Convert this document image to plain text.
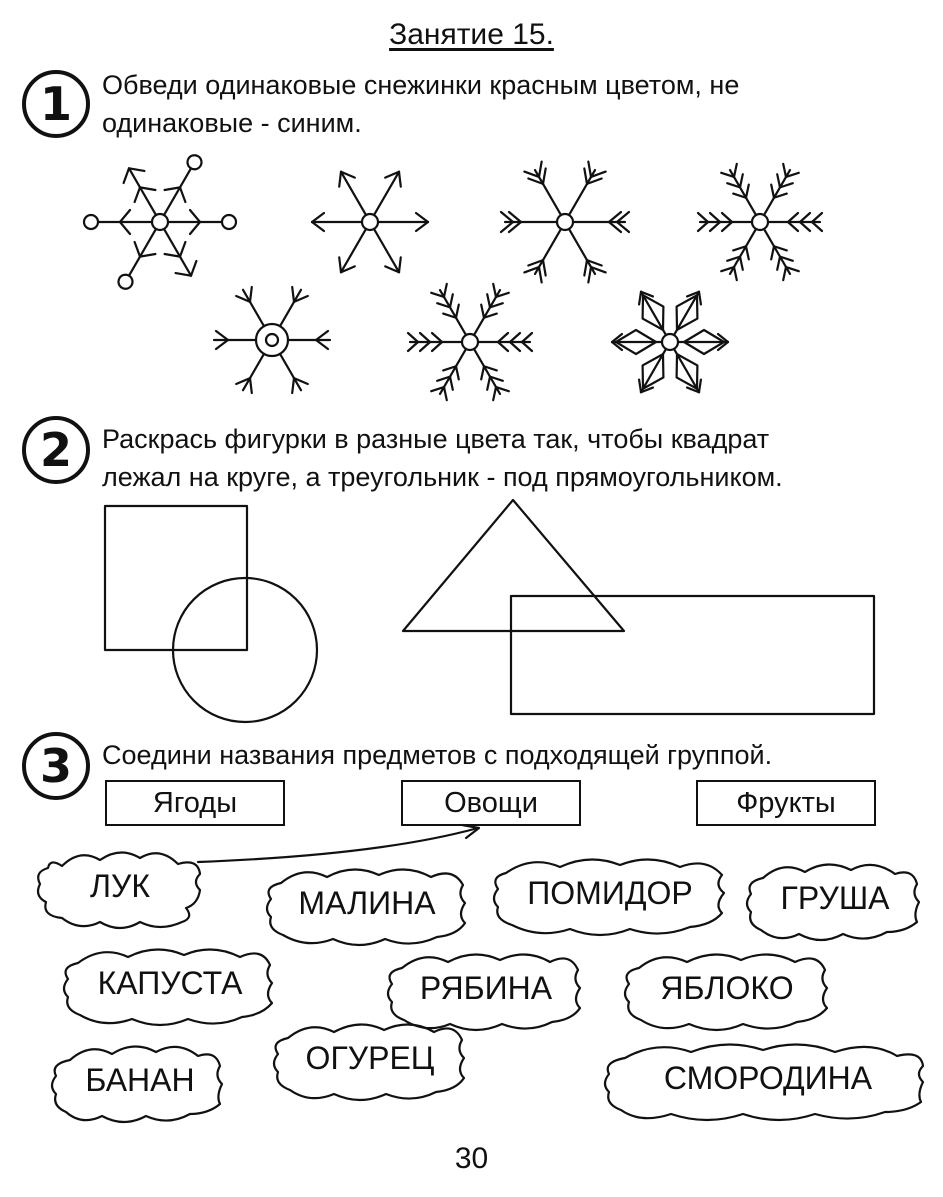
Занятие 15.
1	Обведи одинаковые снежинки красным цветом, не
одинаковые - синим.
2	Раскрась фигурки в разные цвета так, чтобы квадрат
лежал на круге, а треугольник - под прямоугольником.
3	Соедини названия предметов с подходящей группой.
Ягоды	Овощи	Фрукты
ЛУК	МАЛИНА	ПОМИДОР	ГРУША
КАПУСТА	РЯБИНА	ЯБЛОКО
БАНАН
ОГУРЕЦ
СМОРОДИНА
30
